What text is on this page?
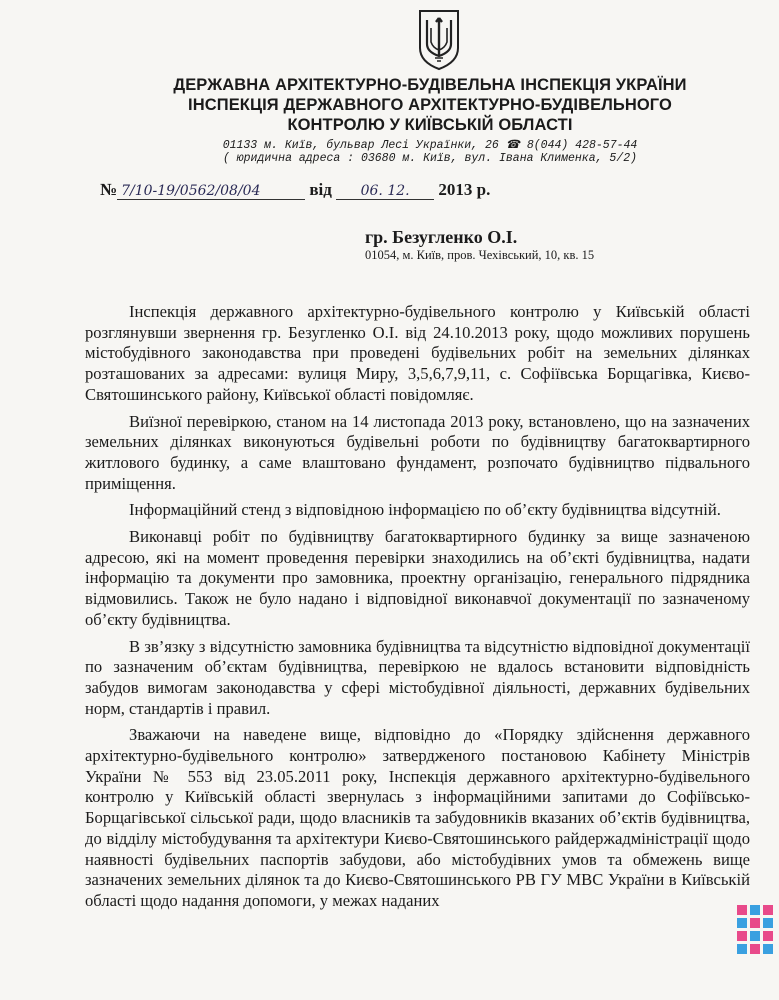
ДЕРЖАВНА АРХІТЕКТУРНО-БУДІВЕЛЬНА ІНСПЕКЦІЯ УКРАЇНИ
ІНСПЕКЦІЯ ДЕРЖАВНОГО АРХІТЕКТУРНО-БУДІВЕЛЬНОГО
КОНТРОЛЮ У КИЇВСЬКІЙ ОБЛАСТІ
01133 м. Київ, бульвар Лесі Українки, 26 ☎ 8(044) 428-57-44
( юридична адреса : 03680 м. Київ, вул. Івана Клименка, 5/2)
№ 7/10-19/0562/08/04	від 06. 12. 2013 р.
гр. Безугленко О.І.
01054, м. Київ, пров. Чехівський, 10, кв. 15

Інспекція державного архітектурно-будівельного контролю у Київській області розглянувши звернення гр. Безугленко О.І. від 24.10.2013 року, щодо можливих порушень містобудівного законодавства при проведені будівельних робіт на земельних ділянках розташованих за адресами: вулиця Миру, 3,5,6,7,9,11, с. Софіївська Борщагівка, Києво-Святошинського району, Київської області повідомляє.

Виїзної перевіркою, станом на 14 листопада 2013 року, встановлено, що на зазначених земельних ділянках виконуються будівельні роботи по будівництву багатоквартирного житлового будинку, а саме влаштовано фундамент, розпочато будівництво підвального приміщення.

Інформаційний стенд з відповідною інформацією по об’єкту будівництва відсутній.

Виконавці робіт по будівництву багатоквартирного будинку за вище зазначеною адресою, які на момент проведення перевірки знаходились на об’єкті будівництва, надати інформацію та документи про замовника, проектну організацію, генерального підрядника відмовились. Також не було надано і відповідної виконавчої документації по зазначеному об’єкту будівництва.

В зв’язку з відсутністю замовника будівництва та відсутністю відповідної документації по зазначеним об’єктам будівництва, перевіркою не вдалось встановити відповідність забудов вимогам законодавства у сфері містобудівної діяльності, державних будівельних норм, стандартів і правил.

Зважаючи на наведене вище, відповідно до «Порядку здійснення державного архітектурно-будівельного контролю» затвердженого постановою Кабінету Міністрів України № 553 від 23.05.2011 року, Інспекція державного архітектурно-будівельного контролю у Київській області звернулась з інформаційними запитами до Софіївсько-Борщагівської сільської ради, щодо власників та забудовників вказаних об’єктів будівництва, до відділу містобудування та архітектури Києво-Святошинського райдержадміністрації щодо наявності будівельних паспортів забудови, або містобудівних умов та обмежень вище зазначених земельних ділянок та до Києво-Святошинського РВ ГУ МВС України в Київській області щодо надання допомоги, у межах наданих
